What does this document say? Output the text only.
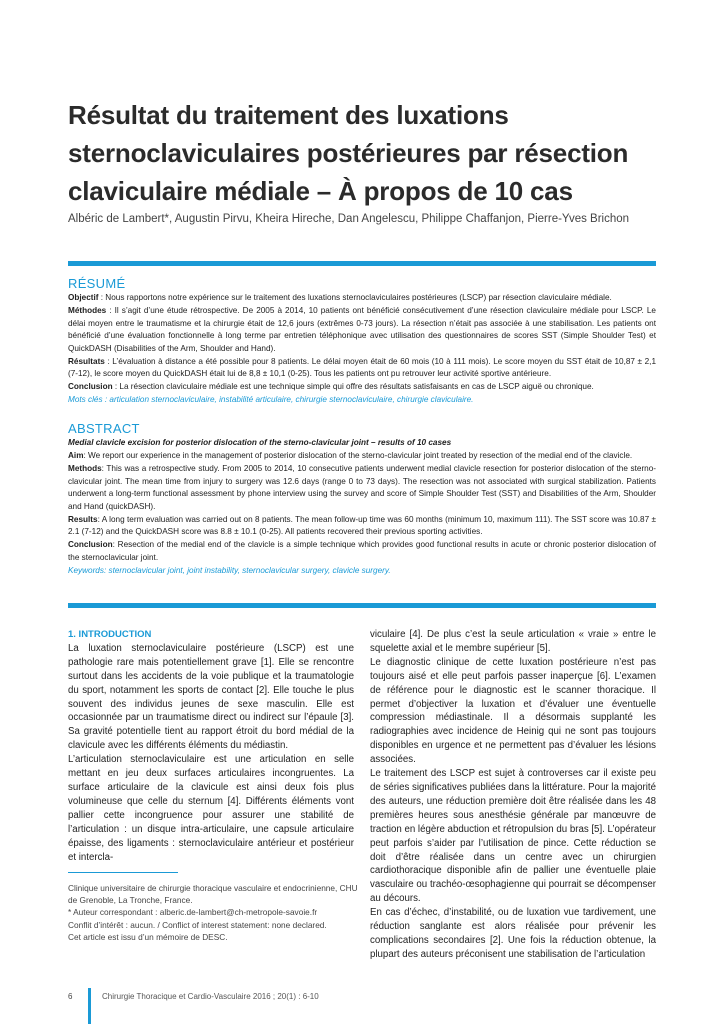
Résultat du traitement des luxations sternoclaviculaires postérieures par résection claviculaire médiale – À propos de 10 cas
Albéric de Lambert*, Augustin Pirvu, Kheira Hireche, Dan Angelescu, Philippe Chaffanjon, Pierre-Yves Brichon
RÉSUMÉ

Objectif : Nous rapportons notre expérience sur le traitement des luxations sternoclaviculaires postérieures (LSCP) par résection claviculaire médiale.

Méthodes : Il s’agit d’une étude rétrospective. De 2005 à 2014, 10 patients ont bénéficié consécutivement d’une résection claviculaire médiale pour LSCP. Le délai moyen entre le traumatisme et la chirurgie était de 12,6 jours (extrêmes 0-73 jours). La résection n’était pas associée à une stabilisation. Les patients ont bénéficié d’une évaluation fonctionnelle à long terme par entretien téléphonique avec utilisation des questionnaires de scores SST (Simple Shoulder Test) et QuickDASH (Disabilities of the Arm, Shoulder and Hand).

Résultats : L’évaluation à distance a été possible pour 8 patients. Le délai moyen était de 60 mois (10 à 111 mois). Le score moyen du SST était de 10,87 ± 2,1 (7-12), le score moyen du QuickDASH était lui de 8,8 ± 10,1 (0-25). Tous les patients ont pu retrouver leur activité sportive antérieure.

Conclusion : La résection claviculaire médiale est une technique simple qui offre des résultats satisfaisants en cas de LSCP aiguë ou chronique.

Mots clés : articulation sternoclaviculaire, instabilité articulaire, chirurgie sternoclaviculaire, chirurgie claviculaire.

ABSTRACT

Medial clavicle excision for posterior dislocation of the sterno-clavicular joint – results of 10 cases

Aim: We report our experience in the management of posterior dislocation of the sterno-clavicular joint treated by resection of the medial end of the clavicle.

Methods: This was a retrospective study. From 2005 to 2014, 10 consecutive patients underwent medial clavicle resection for posterior dislocation of the sterno-clavicular joint. The mean time from injury to surgery was 12.6 days (range 0 to 73 days). The resection was not associated with surgical stabilization. Patients underwent a long-term functional assessment by phone interview using the survey and score of Simple Shoulder Test (SST) and Disabilities of the Arm, Shoulder and Hand (quickDASH).

Results: A long term evaluation was carried out on 8 patients. The mean follow-up time was 60 months (minimum 10, maximum 111). The SST score was 10.87 ± 2.1 (7-12) and the QuickDASH score was 8.8 ± 10.1 (0-25). All patients recovered their previous sporting activities.

Conclusion: Resection of the medial end of the clavicle is a simple technique which provides good functional results in acute or chronic posterior dislocation of the sternoclavicular joint.

Keywords: sternoclavicular joint, joint instability, sternoclavicular surgery, clavicle surgery.

1. INTRODUCTION

La luxation sternoclaviculaire postérieure (LSCP) est une pathologie rare mais potentiellement grave [1]. Elle se rencontre surtout dans les accidents de la voie publique et la traumatologie du sport, notamment les sports de contact [2]. Elle touche le plus souvent des individus jeunes de sexe masculin. Elle est occasionnée par un traumatisme direct ou indirect sur l’épaule [3]. Sa gravité potentielle tient au rapport étroit du bord médial de la clavicule avec les différents éléments du médiastin.

L’articulation sternoclaviculaire est une articulation en selle mettant en jeu deux surfaces articulaires incongruentes. La surface articulaire de la clavicule est ainsi deux fois plus volumineuse que celle du sternum [4]. Différents éléments vont pallier cette incongruence pour assurer une stabilité de l’articulation : un disque intra-articulaire, une capsule articulaire épaisse, des ligaments : sternoclaviculaire antérieur et postérieur et intercla-

viculaire [4]. De plus c’est la seule articulation « vraie » entre le squelette axial et le membre supérieur [5].

Le diagnostic clinique de cette luxation postérieure n’est pas toujours aisé et elle peut parfois passer inaperçue [6]. L’examen de référence pour le diagnostic est le scanner thoracique. Il permet d’objectiver la luxation et d’évaluer une éventuelle compression médiastinale. Il a désormais supplanté les radiographies avec incidence de Heinig qui ne sont pas toujours disponibles en urgence et ne permettent pas d’évaluer les lésions associées.

Le traitement des LSCP est sujet à controverses car il existe peu de séries significatives publiées dans la littérature. Pour la majorité des auteurs, une réduction première doit être réalisée dans les 48 premières heures sous anesthésie générale par manœuvre de traction en légère abduction et rétropulsion du bras [5]. L’opérateur peut parfois s’aider par l’utilisation de pince. Cette réduction se doit d’être réalisée dans un centre avec un chirurgien cardiothoracique disponible afin de pallier une éventuelle plaie vasculaire ou trachéo-œsophagienne qui pourrait se décompenser au décours.

En cas d’échec, d’instabilité, ou de luxation vue tardivement, une réduction sanglante est alors réalisée pour prévenir les complications secondaires [2]. Une fois la réduction obtenue, la plupart des auteurs préconisent une stabilisation de l’articulation

Clinique universitaire de chirurgie thoracique vasculaire et endocrinienne, CHU de Grenoble, La Tronche, France.

* Auteur correspondant : alberic.de-lambert@ch-metropole-savoie.fr

Conflit d’intérêt : aucun. / Conflict of interest statement: none declared.

Cet article est issu d’un mémoire de DESC.

6	Chirurgie Thoracique et Cardio-Vasculaire 2016 ; 20(1) : 6-10
